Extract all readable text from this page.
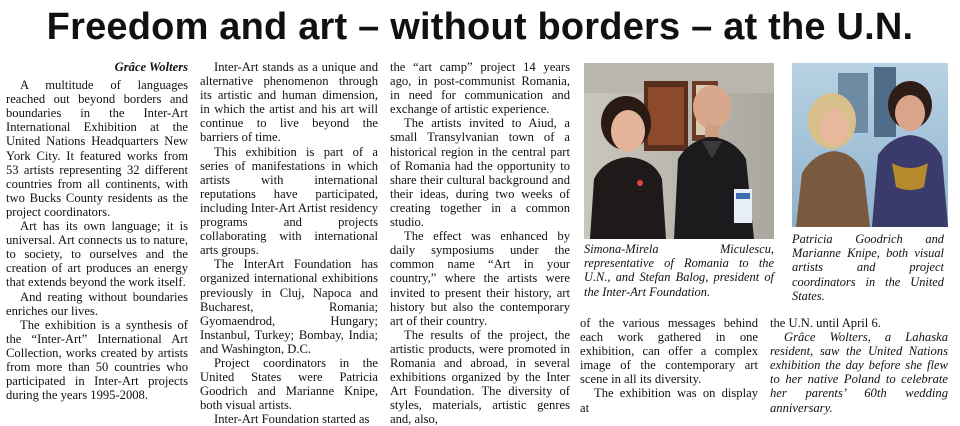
Freedom and art – without borders – at the U.N.

Grâce Wolters

A multitude of languages reached out beyond borders and boundaries in the Inter-Art International Exhibition at the United Nations Headquarters New York City. It featured works from 53 artists representing 32 different countries from all continents, with two Bucks County residents as the project coordinators.

Art has its own language; it is universal. Art connects us to nature, to society, to ourselves and the creation of art produces an energy that extends beyond the work itself.

And reating without boundaries enriches our lives.

The exhibition is a synthesis of the “Inter-Art” International Art Collection, works created by artists from more than 50 countries who participated in Inter-Art projects during the years 1995-2008.

Inter-Art stands as a unique and alternative phenomenon through its artistic and human dimension, in which the artist and his art will continue to live beyond the barriers of time.

This exhibition is part of a series of manifestations in which artists with international reputations have participated, including Inter-Art Artist residency programs and projects collaborating with international arts groups.

The InterArt Foundation has organized international exhibitions previously in Cluj, Napoca and Bucharest, Romania; Gyomaendrod, Hungary; Instanbul, Turkey; Bombay, India; and Washington, D.C.

Project coordinators in the United States were Patricia Goodrich and Marianne Knipe, both visual artists.

Inter-Art Foundation started as

the “art camp” project 14 years ago, in post-communist Romania, in need for communication and exchange of artistic experience.

The artists invited to Aiud, a small Transylvanian town of a historical region in the central part of Romania had the opportunity to share their cultural background and their ideas, during two weeks of creating together in a common studio.

The effect was enhanced by daily symposiums under the common name “Art in your country,” where the artists were invited to present their history, art history but also the contemporary art of their country.

The results of the project, the artistic products, were promoted in Romania and abroad, in several exhibitions organized by the Inter Art Foundation. The diversity of styles, materials, artistic genres and, also,

Simona-Mirela Miculescu, representative of Romania to the U.N., and Stefan Balog, president of the Inter-Art Foundation.

Patricia Goodrich and Marianne Knipe, both visual artists and project coordinators in the United States.

of the various messages behind each work gathered in one exhibition, can offer a complex image of the contemporary art scene in all its diversity.

The exhibition was on display at

the U.N. until April 6.

Grâce Wolters, a Lahaska resident, saw the United Nations exhibition the day before she flew to her native Poland to celebrate her parents’ 60th wedding anniversary.
